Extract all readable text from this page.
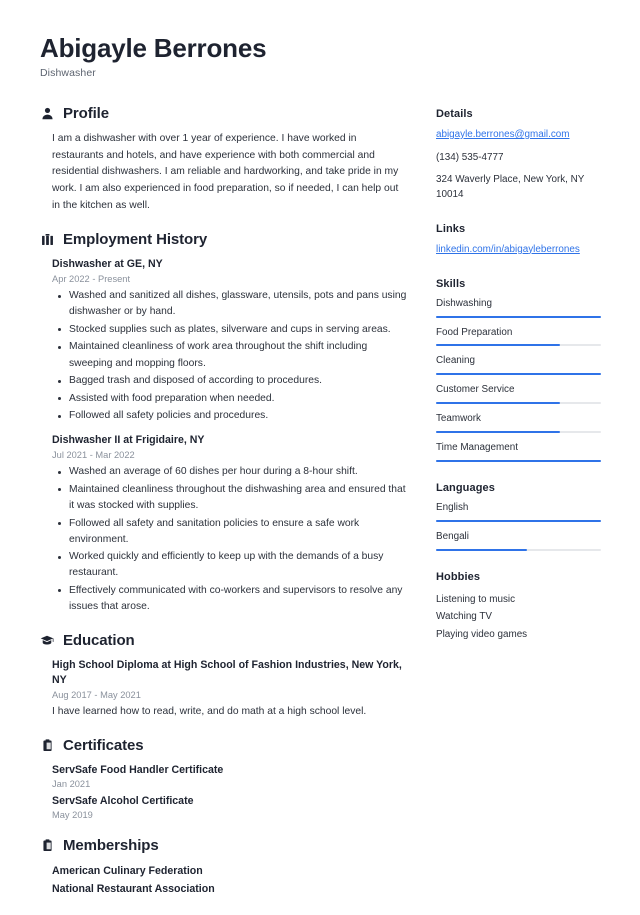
Abigayle Berrones
Dishwasher
Profile
I am a dishwasher with over 1 year of experience. I have worked in restaurants and hotels, and have experience with both commercial and residential dishwashers. I am reliable and hardworking, and take pride in my work. I am also experienced in food preparation, so if needed, I can help out in the kitchen as well.
Employment History
Dishwasher at GE, NY
Apr 2022 - Present
Washed and sanitized all dishes, glassware, utensils, pots and pans using dishwasher or by hand.
Stocked supplies such as plates, silverware and cups in serving areas.
Maintained cleanliness of work area throughout the shift including sweeping and mopping floors.
Bagged trash and disposed of according to procedures.
Assisted with food preparation when needed.
Followed all safety policies and procedures.
Dishwasher II at Frigidaire, NY
Jul 2021 - Mar 2022
Washed an average of 60 dishes per hour during a 8-hour shift.
Maintained cleanliness throughout the dishwashing area and ensured that it was stocked with supplies.
Followed all safety and sanitation policies to ensure a safe work environment.
Worked quickly and efficiently to keep up with the demands of a busy restaurant.
Effectively communicated with co-workers and supervisors to resolve any issues that arose.
Education
High School Diploma at High School of Fashion Industries, New York, NY
Aug 2017 - May 2021
I have learned how to read, write, and do math at a high school level.
Certificates
ServSafe Food Handler Certificate
Jan 2021
ServSafe Alcohol Certificate
May 2019
Memberships
American Culinary Federation
National Restaurant Association
Details
abigayle.berrones@gmail.com
(134) 535-4777
324 Waverly Place, New York, NY 10014
Links
linkedin.com/in/abigayleberrones
Skills
Dishwashing
Food Preparation
Cleaning
Customer Service
Teamwork
Time Management
Languages
English
Bengali
Hobbies
Listening to music
Watching TV
Playing video games
